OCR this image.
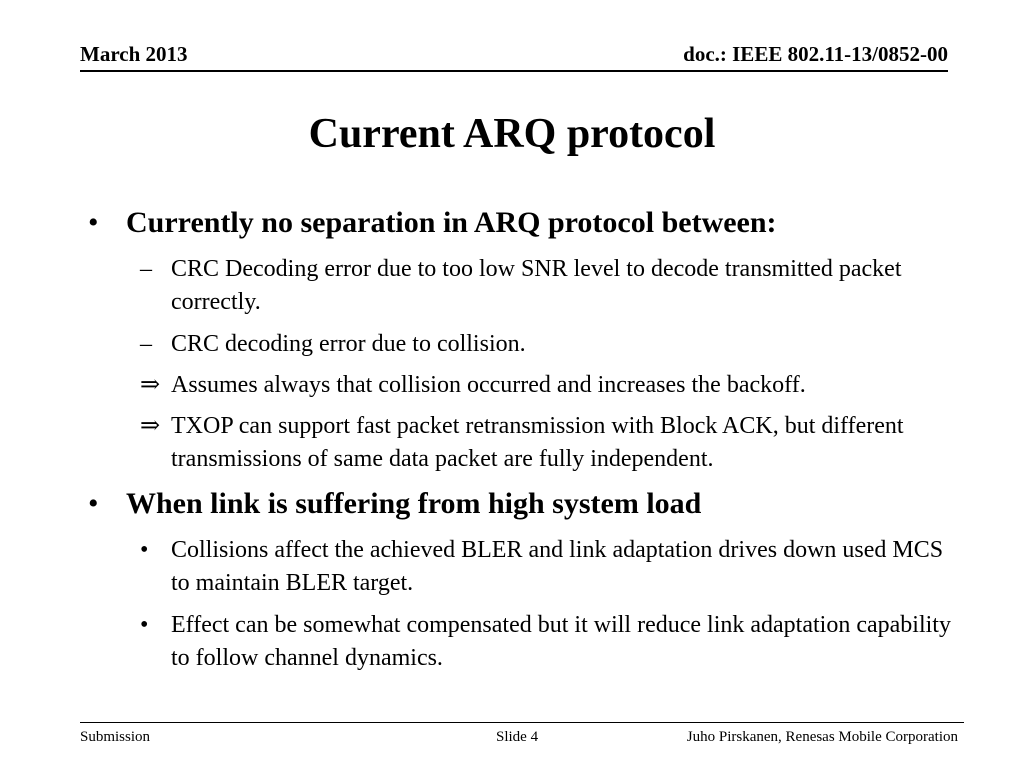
March 2013	doc.: IEEE 802.11-13/0852-00
Current ARQ protocol
• Currently no separation in ARQ protocol between:
– CRC Decoding error due to too low SNR level to decode transmitted packet correctly.
– CRC decoding error due to collision.
⇒ Assumes always that collision occurred and increases the backoff.
⇒ TXOP can support fast packet retransmission with Block ACK, but different transmissions of same data packet are fully independent.
• When link is suffering from high system load
• Collisions affect the achieved BLER and link adaptation drives down used MCS to maintain BLER target.
• Effect can be somewhat compensated but it will reduce link adaptation capability to follow channel dynamics.
Submission	Slide 4	Juho Pirskanen, Renesas Mobile Corporation
